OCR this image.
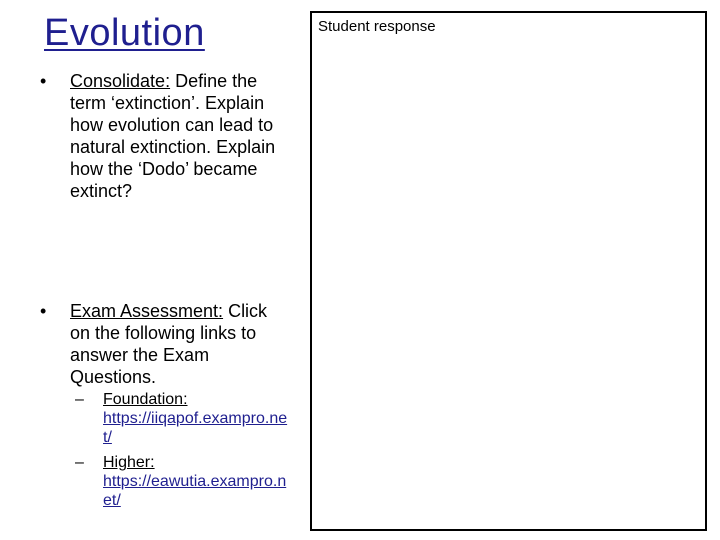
Evolution
• Consolidate: Define the term ‘extinction’. Explain how evolution can lead to natural extinction. Explain how the ‘Dodo’ became extinct?
• Exam Assessment: Click on the following links to answer the Exam Questions.
– Foundation:
https://iiqapof.exampro.net/
– Higher:
https://eawutia.exampro.net/
Student response
